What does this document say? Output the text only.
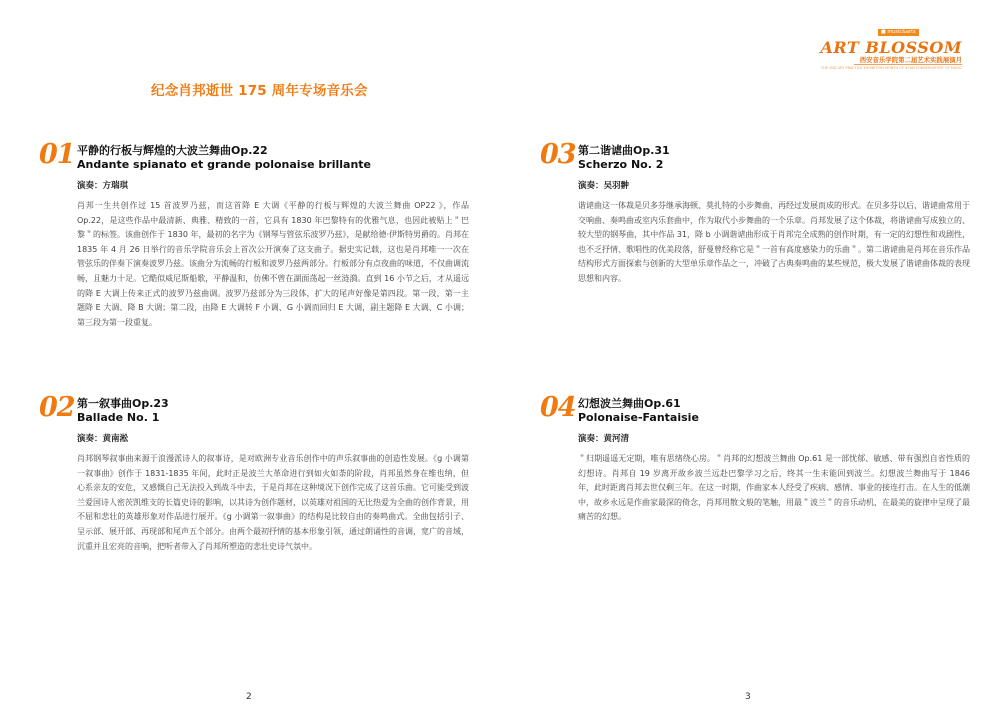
■ music&arts
ART BLOSSOM
西安音乐学院第二届艺术实践展演月
THE 2ND ART PRACTICE EXHIBITION MONTH OF XI'AN CONSERVATORY OF MUSIC
纪念肖邦逝世 175 周年专场音乐会
01 平静的行板与辉煌的大波兰舞曲Op.22
Andante spianato et grande polonaise brillante
演奏：方瑞琪
肖邦一生共创作过 15 首波罗乃兹，而这首降 E 大调《平静的行板与辉煌的大波兰舞曲 OP22 》，作品 Op.22，是这些作品中最清新、典雅、精致的一首，它具有 1830 年巴黎特有的优雅气息，也因此被贴上＂巴黎＂的标签。该曲创作于 1830 年，最初的名字为《钢琴与管弦乐波罗乃兹》，是献给德·伊斯特男爵的。肖邦在 1835 年 4 月 26 日举行的音乐学院音乐会上首次公开演奏了这支曲子。据史实记载，这也是肖邦唯一一次在管弦乐的伴奏下演奏波罗乃兹。该曲分为流畅的行板和波罗乃兹两部分。行板部分有点夜曲的味道，不仅曲调流畅，且魅力十足。它酷似威尼斯船歌，平静温和，仿佛不曾在湖面荡起一丝涟漪。直到 16 小节之后，才从遥远的降 E 大调上传来正式的波罗乃兹曲调。波罗乃兹部分为三段体，扩大的尾声好像是第四段。第一段，第一主题降 E 大调、降 B 大调；第二段，由降 E 大调转 F 小调、G 小调而回归 E 大调，副主题降 E 大调、C 小调；第三段为第一段重复。
02 第一叙事曲Op.23
Ballade No. 1
演奏：黄南淞
肖邦钢琴叙事曲来源于浪漫派诗人的叙事诗，是对欧洲专业音乐创作中的声乐叙事曲的创造性发展。《g 小调第一叙事曲》创作于 1831-1835 年间，此时正是波兰大革命进行到如火如荼的阶段，肖邦虽然身在维也纳，但心系亲友的安危，又感慨自己无法投入到战斗中去，于是肖邦在这种境况下创作完成了这首乐曲。它可能受到波兰爱国诗人密茨凯维支的长篇史诗的影响，以其诗为创作题材，以英雄对祖国的无比热爱为全曲的创作背景，用不屈和悲壮的英雄形象对作品进行展开。《g 小调第一叙事曲》的结构是比较自由的奏鸣曲式。全曲包括引子、呈示部、展开部、再现部和尾声五个部分。由两个最初抒情的基本形象引领，通过朗诵性的音调，宽广的音域，沉重并且宏亮的音响，把听者带入了肖邦所塑造的悲壮史诗气氛中。
03 第二谐谑曲Op.31
Scherzo No. 2
演奏：吴羽翀
谐谑曲这一体裁是贝多芬继承海顿、莫扎特的小步舞曲，再经过发展而成的形式。在贝多芬以后，谐谑曲常用于交响曲、奏鸣曲或室内乐套曲中，作为取代小步舞曲的一个乐章。肖邦发展了这个体裁，将谐谑曲写成独立的、较大型的钢琴曲，其中作品 31，降 b 小调谐谑曲形成于肖邦完全成熟的创作时期，有一定的幻想性和戏剧性，也不乏抒情、歌唱性的优美段落，舒曼曾经称它是＂一首有高度感染力的乐曲＂。第二谐谑曲是肖邦在音乐作品结构形式方面探索与创新的大型单乐章作品之一，冲破了古典奏鸣曲的某些规范，极大发展了谐谑曲体裁的表现思想和内容。
04 幻想波兰舞曲Op.61
Polonaise-Fantaisie
演奏：黄河清
＂归期遥遥无定期，唯有思绪绕心房。＂肖邦的幻想波兰舞曲 Op.61 是一部忧郁、敏感、带有强烈自省性质的幻想诗。肖邦自 19 岁离开故乡波兰远赴巴黎学习之后，终其一生未能回到波兰。幻想波兰舞曲写于 1846 年，此时距离肖邦去世仅剩三年。在这一时期，作曲家本人经受了疾病、感情、事业的接连打击。在人生的低潮中，故乡永远是作曲家最深的倚念，肖邦用散文般的笔触，用最＂波兰＂的音乐动机，在最美的旋律中呈现了最痛苦的幻想。
2	3
